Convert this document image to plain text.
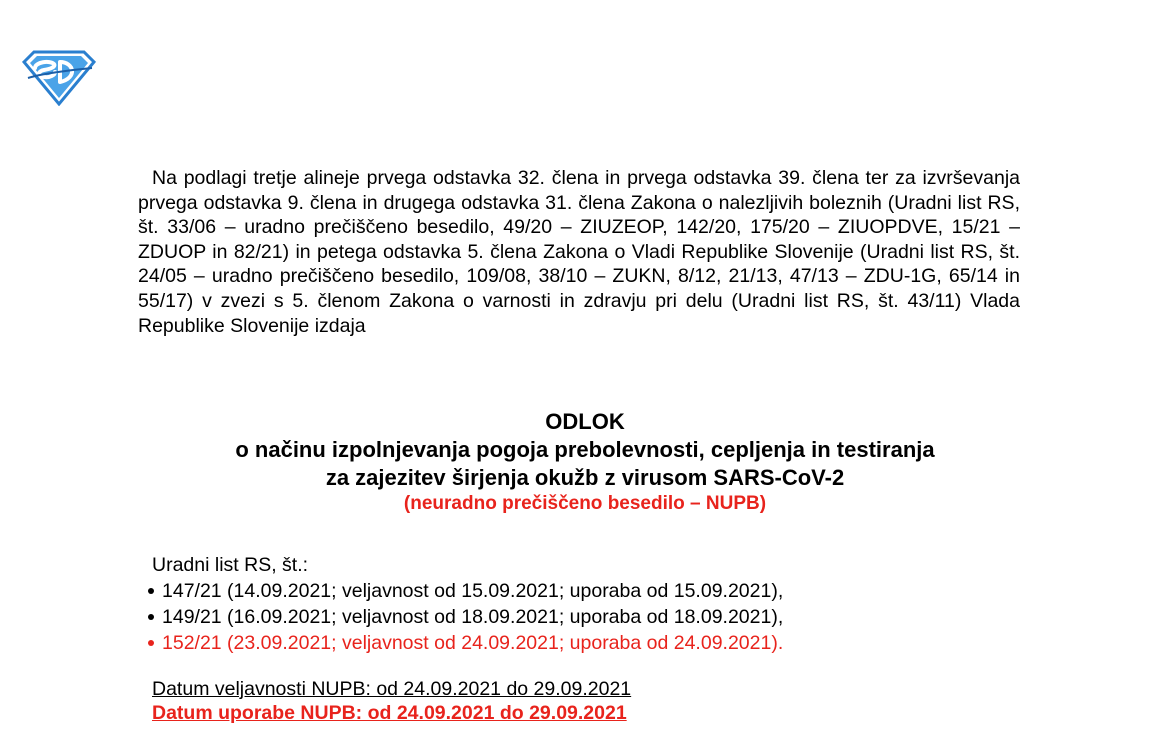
Na podlagi tretje alineje prvega odstavka 32. člena in prvega odstavka 39. člena ter za izvrševanja prvega odstavka 9. člena in drugega odstavka 31. člena Zakona o nalezljivih boleznih (Uradni list RS, št. 33/06 – uradno prečiščeno besedilo, 49/20 – ZIUZEOP, 142/20, 175/20 – ZIUOPDVE, 15/21 – ZDUOP in 82/21) in petega odstavka 5. člena Zakona o Vladi Republike Slovenije (Uradni list RS, št. 24/05 – uradno prečiščeno besedilo, 109/08, 38/10 – ZUKN, 8/12, 21/13, 47/13 – ZDU-1G, 65/14 in 55/17) v zvezi s 5. členom Zakona o varnosti in zdravju pri delu (Uradni list RS, št. 43/11) Vlada Republike Slovenije izdaja

ODLOK

o načinu izpolnjevanja pogoja prebolevnosti, cepljenja in testiranja

za zajezitev širjenja okužb z virusom SARS-CoV-2

(neuradno prečiščeno besedilo – NUPB)

Uradni list RS, št.:

147/21 (14.09.2021; veljavnost od 15.09.2021; uporaba od 15.09.2021),
149/21 (16.09.2021; veljavnost od 18.09.2021; uporaba od 18.09.2021),
152/21 (23.09.2021; veljavnost od 24.09.2021; uporaba od 24.09.2021).

Datum veljavnosti NUPB: od 24.09.2021 do 29.09.2021

Datum uporabe NUPB: od 24.09.2021 do 29.09.2021
